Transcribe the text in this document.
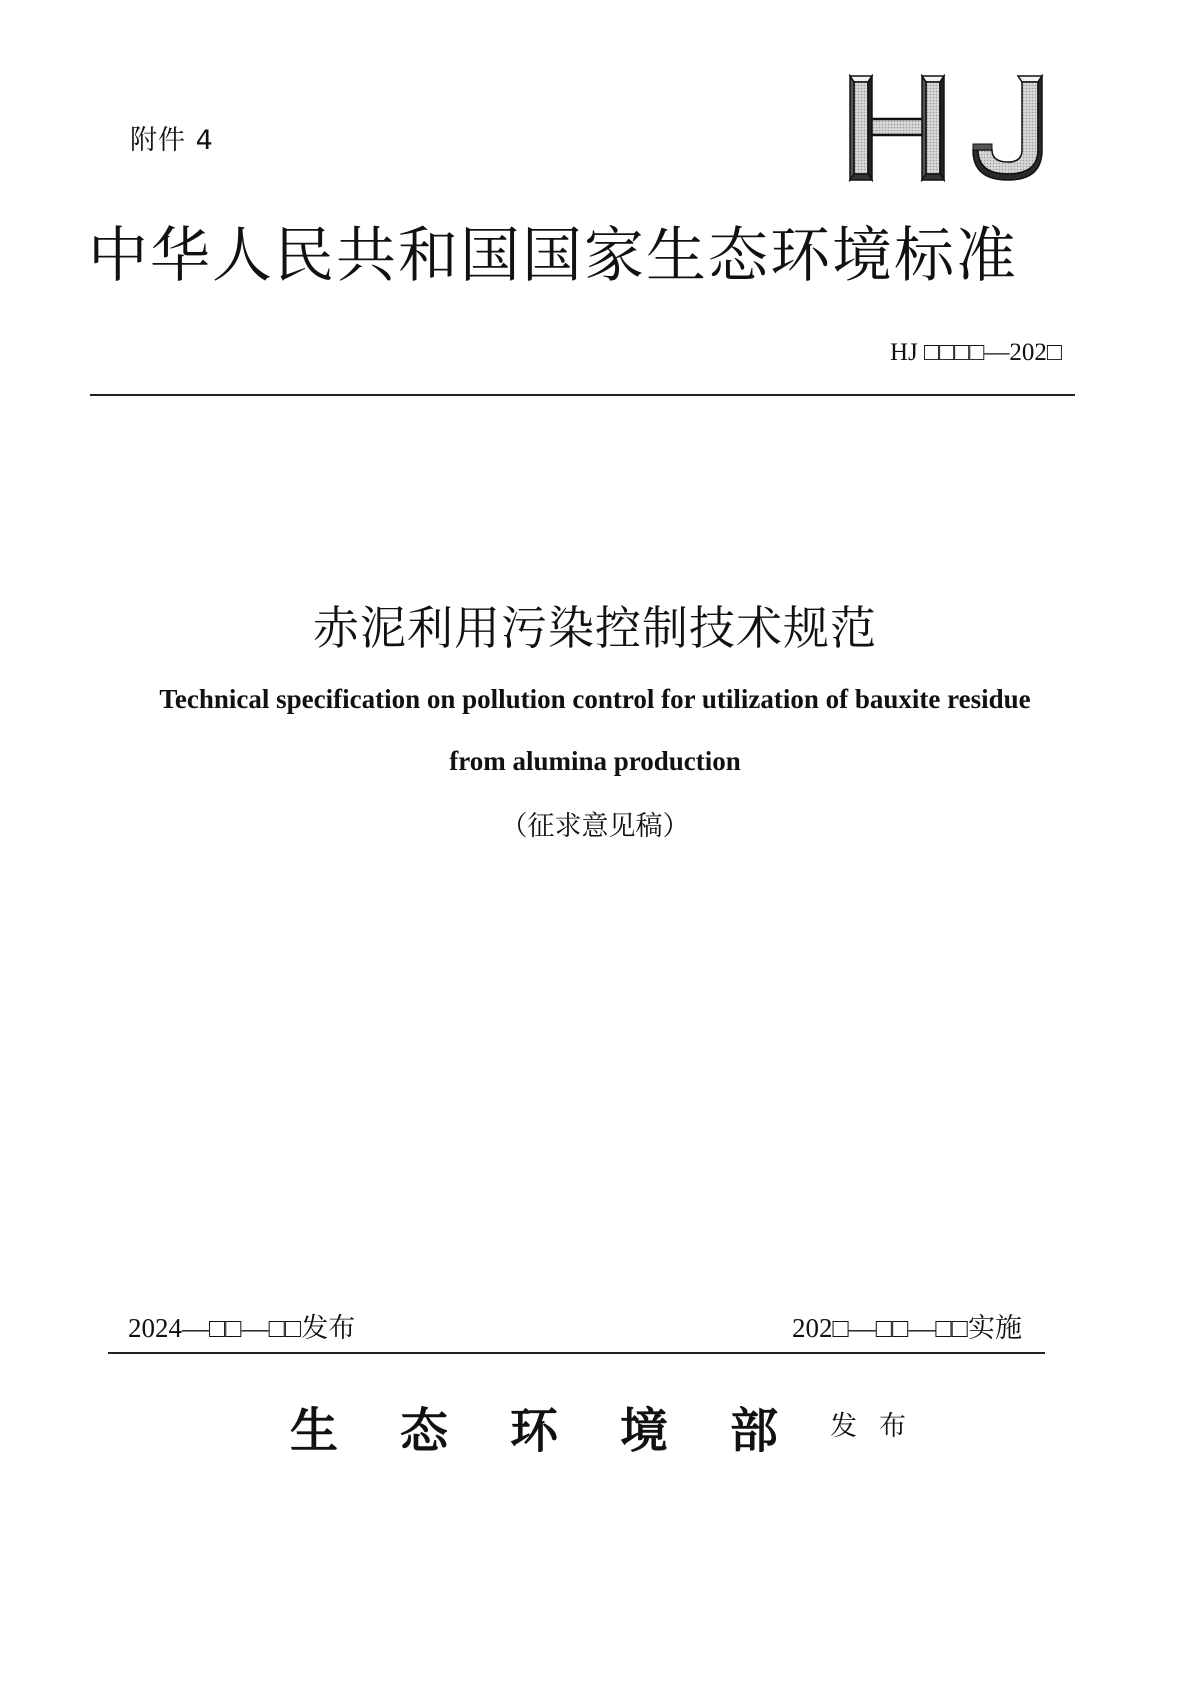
附件 4
中华人民共和国国家生态环境标准
HJ □□□□—202□
赤泥利用污染控制技术规范
Technical specification on pollution control for utilization of bauxite residue
from alumina production
（征求意见稿）
2024—□□—□□发布	202□—□□—□□实施
生态环境部
发布
